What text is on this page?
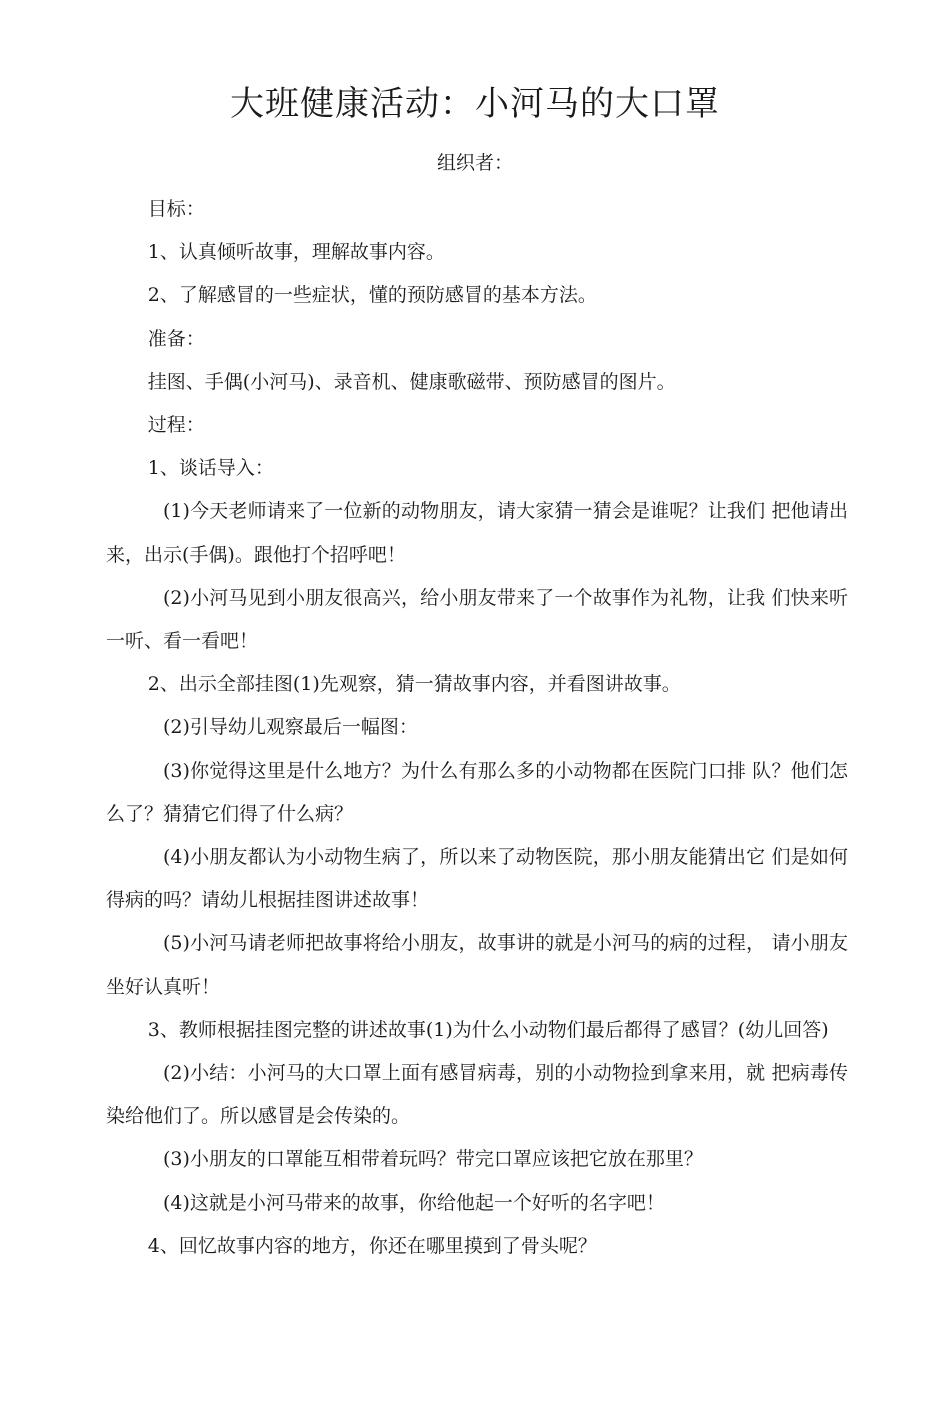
大班健康活动：小河马的大口罩
组织者：

目标：

1、认真倾听故事，理解故事内容。

2、了解感冒的一些症状，懂的预防感冒的基本方法。

准备：

挂图、手偶(小河马)、录音机、健康歌磁带、预防感冒的图片。

过程：

1、谈话导入：

(1)今天老师请来了一位新的动物朋友，请大家猜一猜会是谁呢？让我们 把他请出来，出示(手偶)。跟他打个招呼吧！

(2)小河马见到小朋友很高兴，给小朋友带来了一个故事作为礼物，让我 们快来听一听、看一看吧！

2、出示全部挂图(1)先观察，猜一猜故事内容，并看图讲故事。

(2)引导幼儿观察最后一幅图：

(3)你觉得这里是什么地方？为什么有那么多的小动物都在医院门口排 队？他们怎么了？猜猜它们得了什么病？

(4)小朋友都认为小动物生病了，所以来了动物医院，那小朋友能猜出它 们是如何得病的吗？请幼儿根据挂图讲述故事！

(5)小河马请老师把故事将给小朋友，故事讲的就是小河马的病的过程， 请小朋友坐好认真听！

3、教师根据挂图完整的讲述故事(1)为什么小动物们最后都得了感冒？(幼儿回答)

(2)小结：小河马的大口罩上面有感冒病毒，别的小动物捡到拿来用，就 把病毒传染给他们了。所以感冒是会传染的。

(3)小朋友的口罩能互相带着玩吗？带完口罩应该把它放在那里？

(4)这就是小河马带来的故事，你给他起一个好听的名字吧！

4、回忆故事内容的地方，你还在哪里摸到了骨头呢？
